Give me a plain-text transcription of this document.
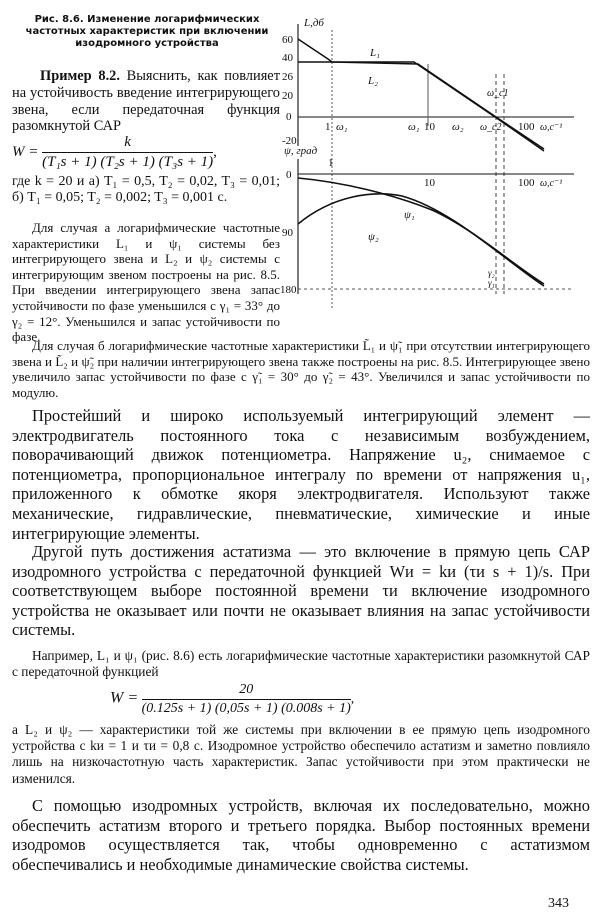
Рис. 8.6. Изменение логарифмических частотных характеристик при включении изодромного устройства
L,дб
60
40
26
20
0
-20
1 ω₁	ω₁ 10 ω₂ ω_c2 100 ω,c⁻¹
ω_c1
L₁
L₂
ψ, град
0
90
180
1
10	100 ω,c⁻¹
ψ₁
ψ₂
γ₂
γ₁
Пример 8.2. Выяснить, как повлияет на устойчивость введение интегрирующего звена, если передаточная функция разомкнутой САР
$W = \frac{k}{\text{(T₁s + 1) (T₂s + 1) (T₃s + 1)}}$ ,
где k = 20 и а) T₁ = 0,5, T₂ = 0,02, T₃ = 0,01; б) T₁ = 0,05; T₂ = 0,002; T₃ = 0,001 с.
Для случая а логарифмические частотные характеристики L₁ и ψ₁ системы без интегрирующего звена и L₂ и ψ₂ системы с интегрирующим звеном построены на рис. 8.5. При введении интегрирующего звена запас устойчивости по фазе уменьшился с γ₁ = 33° до γ₂ = 12°. Уменьшился и запас устойчивости по фазе.
Для случая б логарифмические частотные характеристики L̃₁ и ψ̃₁ при отсутствии интегрирующего звена и L̃₂ и ψ̃₂ при наличии интегрирующего звена также построены на рис. 8.5. Интегрирующее звено увеличило запас устойчивости по фазе с γ̃₁ = 30° до γ̃₂ = 43°. Увеличился и запас устойчивости по модулю.
Простейший и широко используемый интегрирующий элемент — электродвигатель постоянного тока с независимым возбуждением, поворачивающий движок потенциометра. Напряжение u₂, снимаемое с потенциометра, пропорциональное интегралу по времени от напряжения u₁, приложенного к обмотке якоря электродвигателя. Используют также механические, гидравлические, пневматические, химические и иные интегрирующие элементы.
Другой путь достижения астатизма — это включение в прямую цепь САР изодромного устройства с передаточной функцией Wи = kи (τи s + 1)/s. При соответствующем выборе постоянной времени τи включение изодромного устройства не оказывает или почти не оказывает влияния на запас устойчивости системы.
Например, L₁ и ψ₁ (рис. 8.6) есть логарифмические частотные характеристики разомкнутой САР с передаточной функцией
$W = \frac{20}{(0.125s + 1) (0,05s + 1) (0.008s + 1)}$ ,
а L₂ и ψ₂ — характеристики той же системы при включении в ее прямую цепь изодромного устройства с kи = 1 и τи = 0,8 с. Изодромное устройство обеспечило астатизм и заметно повлияло лишь на низкочастотную часть характеристик. Запас устойчивости при этом практически не изменился.
С помощью изодромных устройств, включая их последовательно, можно обеспечить астатизм второго и третьего порядка. Выбор постоянных времени изодромов осуществляется так, чтобы одновременно с астатизмом обеспечивались и необходимые динамические свойства системы.
343
